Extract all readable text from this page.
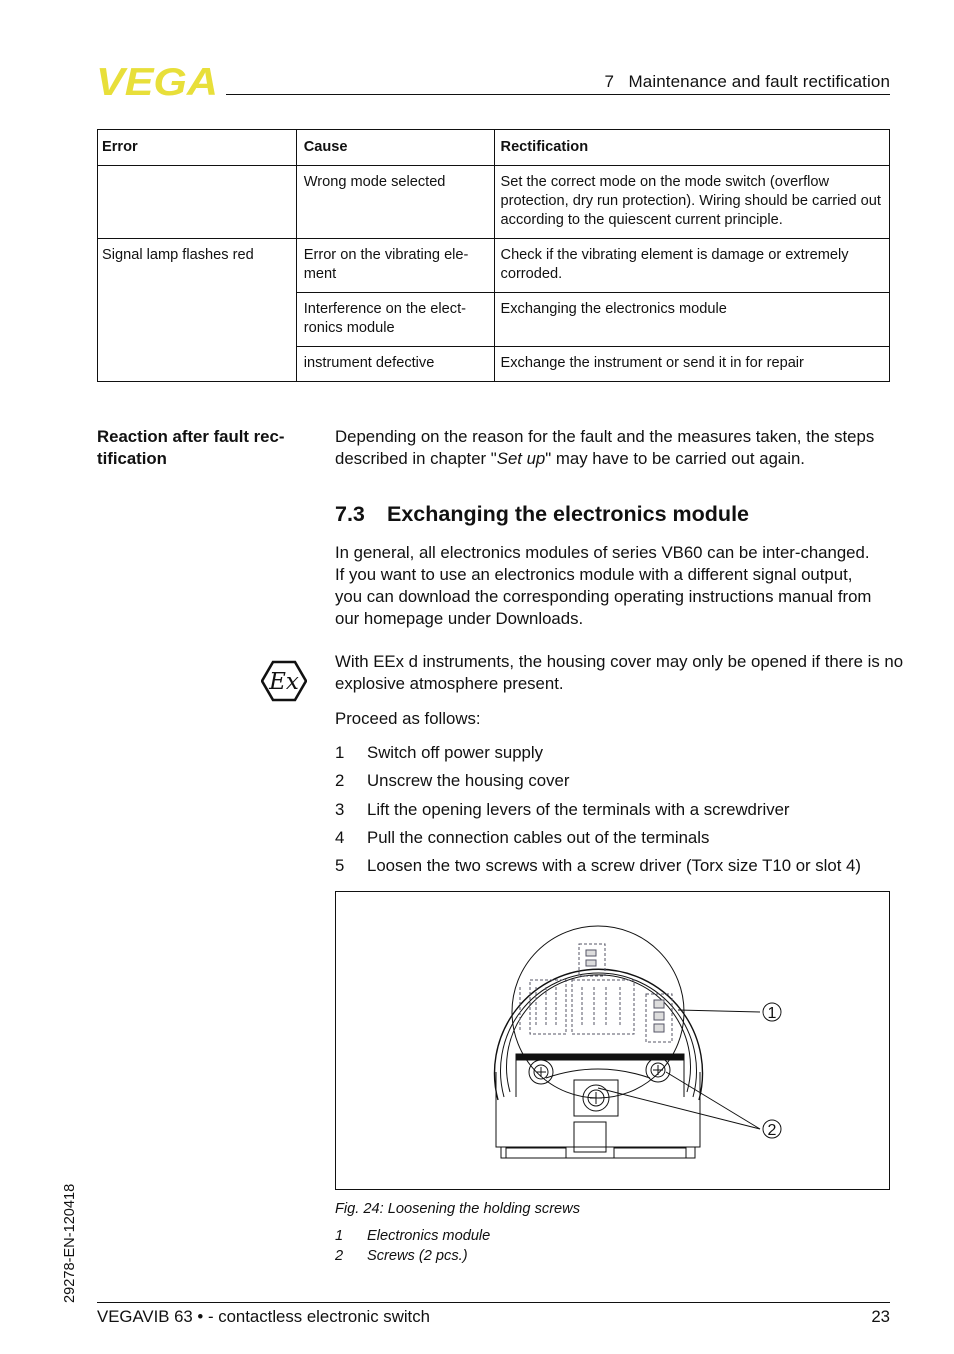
VEGA	7   Maintenance and fault rectification
Error	Cause	Rectification
	Wrong mode selected	Set the correct mode on the mode switch (overflow protection, dry run protection). Wiring should be carried out according to the quiescent current principle.
Signal lamp flashes red	Error on the vibrating ele-ment	Check if the vibrating element is damage or extremely corroded.
	Interference on the elect-ronics module	Exchanging the electronics module
	instrument defective	Exchange the instrument or send it in for repair
Reaction after fault rec-tification
Depending on the reason for the fault and the measures taken, the steps described in chapter "Set up" may have to be carried out again.
7.3 Exchanging the electronics module
In general, all electronics modules of series VB60 can be inter-changed. If you want to use an electronics module with a different signal output, you can download the corresponding operating instructions manual from our homepage under Downloads.
Ex
With EEx d instruments, the housing cover may only be opened if there is no explosive atmosphere present.
Proceed as follows:
1 Switch off power supply
2 Unscrew the housing cover
3 Lift the opening levers of the terminals with a screwdriver
4 Pull the connection cables out of the terminals
5 Loosen the two screws with a screw driver (Torx size T10 or slot 4)
1
2
Fig. 24: Loosening the holding screws
1 Electronics module
2 Screws (2 pcs.)
29278-EN-120418
VEGAVIB 63 • - contactless electronic switch	23
